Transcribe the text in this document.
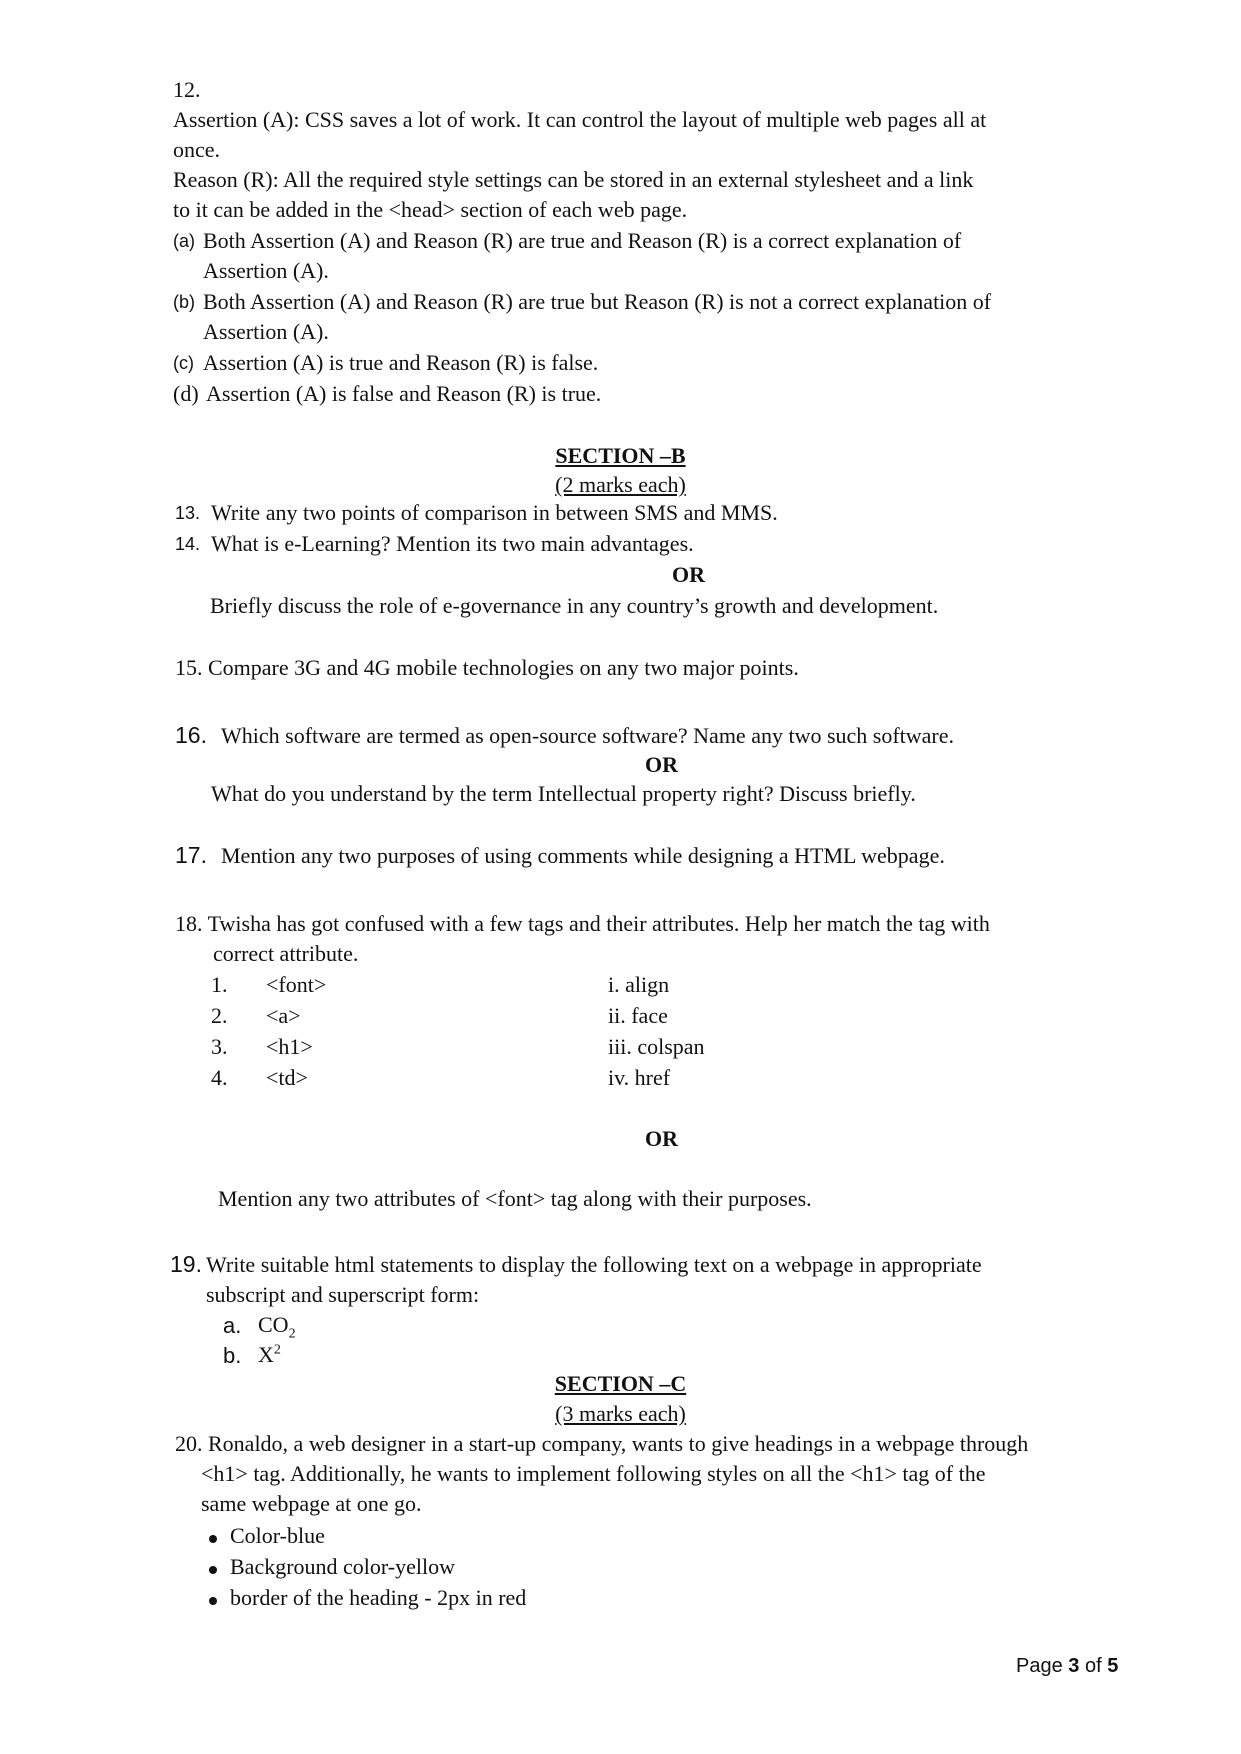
12.
Assertion (A): CSS saves a lot of work. It can control the layout of multiple web pages all at
once.
Reason (R): All the required style settings can be stored in an external stylesheet and a link
to it can be added in the <head> section of each web page.
(a) Both Assertion (A) and Reason (R) are true and Reason (R) is a correct explanation of
Assertion (A).
(b) Both Assertion (A) and Reason (R) are true but Reason (R) is not a correct explanation of
Assertion (A).
(c) Assertion (A) is true and Reason (R) is false.
(d) Assertion (A) is false and Reason (R) is true.
SECTION –B
(2 marks each)
13. Write any two points of comparison in between SMS and MMS.
14. What is e-Learning? Mention its two main advantages.
OR
Briefly discuss the role of e-governance in any country’s growth and development.
15. Compare 3G and 4G mobile technologies on any two major points.
16. Which software are termed as open-source software? Name any two such software.
OR
What do you understand by the term Intellectual property right? Discuss briefly.
17. Mention any two purposes of using comments while designing a HTML webpage.
18. Twisha has got confused with a few tags and their attributes. Help her match the tag with
correct attribute.
1. <font>	i. align
2. <a>	ii. face
3. <h1>	iii. colspan
4. <td>	iv. href
OR
Mention any two attributes of <font> tag along with their purposes.
19. Write suitable html statements to display the following text on a webpage in appropriate
subscript and superscript form:
a. $CO_2$
b. $X^2$
SECTION –C
(3 marks each)
20. Ronaldo, a web designer in a start-up company, wants to give headings in a webpage through
<h1> tag. Additionally, he wants to implement following styles on all the <h1> tag of the
same webpage at one go.
Color-blue
Background color-yellow
border of the heading - 2px in red
Page 3 of 5
